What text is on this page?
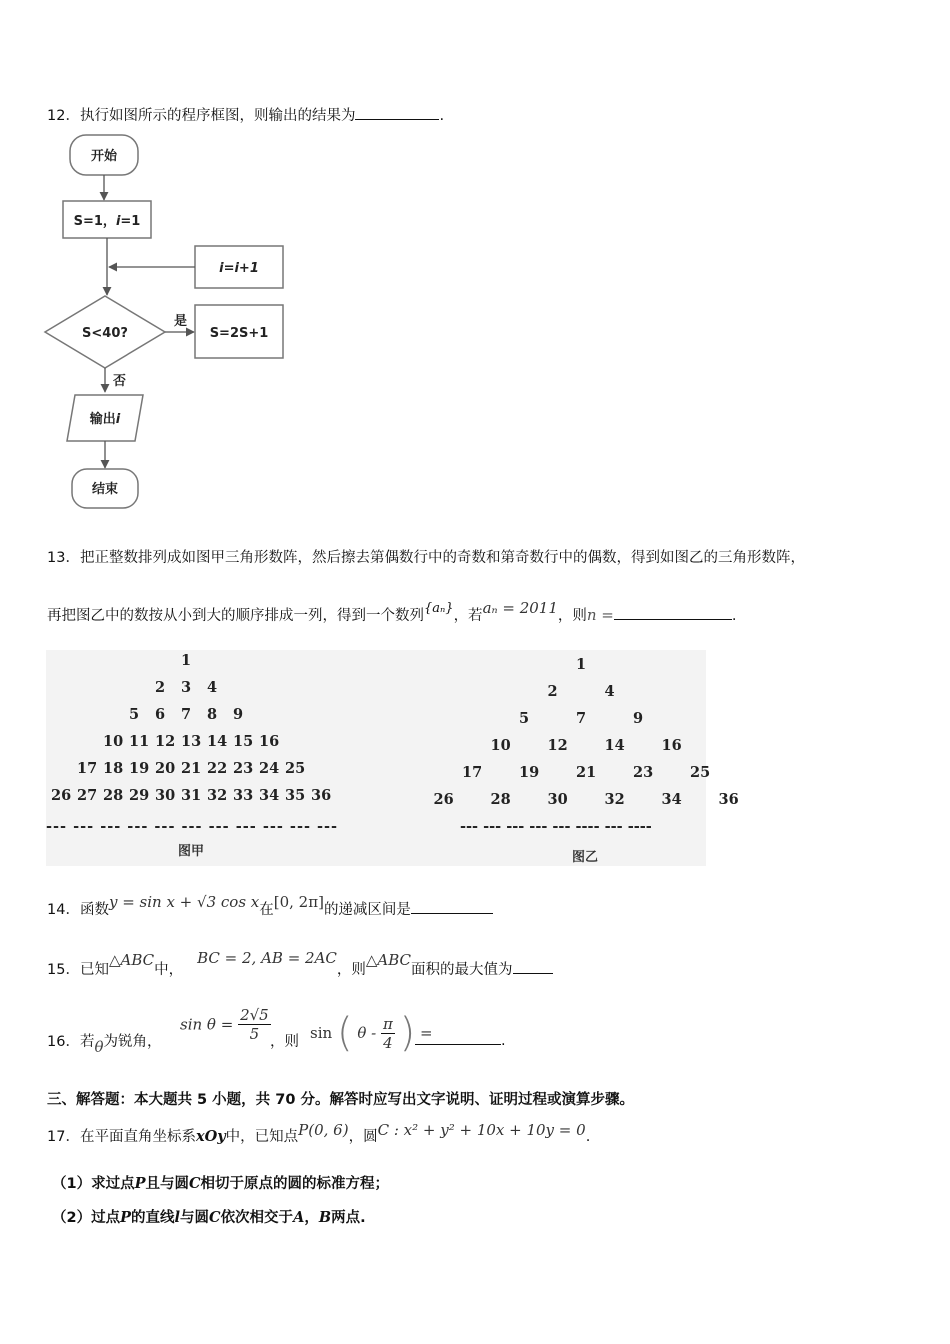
12．执行如图所示的程序框图，则输出的结果为	.
开始
S=1，i=1
i=i+1
S<40?
是
S=2S+1
否
输出i
结束
13．把正整数排列成如图甲三角形数阵，然后擦去第偶数行中的奇数和第奇数行中的偶数，得到如图乙的三角形数阵，
再把图乙中的数按从小到大的顺序排成一列，得到一个数列{aₙ}，若aₙ = 2011，则n =	.
1
2 3 4
5 6 7 8 9
10 11 12 13 14 15 16
17 18 19 20 21 22 23 24 25
26 27 28 29 30 31 32 33 34 35 36
--- --- --- --- --- --- --- --- --- --- ---
图甲
1
2	4
5	7	9
10	12	14	16
17	19	21	23	25
26	28	30	32	34	36
--- --- --- --- --- ---- --- ----
图乙
14．函数y = sin x + √3 cos x在[0, 2π]的递减区间是
15．已知△ABC中，BC = 2, AB = 2AC，则△ABC面积的最大值为
16．若θ为锐角，
$\sin \theta = \frac{2√5}{5}$ ，则 sin ( θ - $\frac{\pi}{4}$ ) =	.
三、解答题：本大题共 5 小题，共 70 分。解答时应写出文字说明、证明过程或演算步骤。
17．在平面直角坐标系xOy中，已知点P(0, 6)，圆C : x² + y² + 10x + 10y = 0.
（1）求过点P且与圆C相切于原点的圆的标准方程；
（2）过点P的直线l与圆C依次相交于A，B两点.
